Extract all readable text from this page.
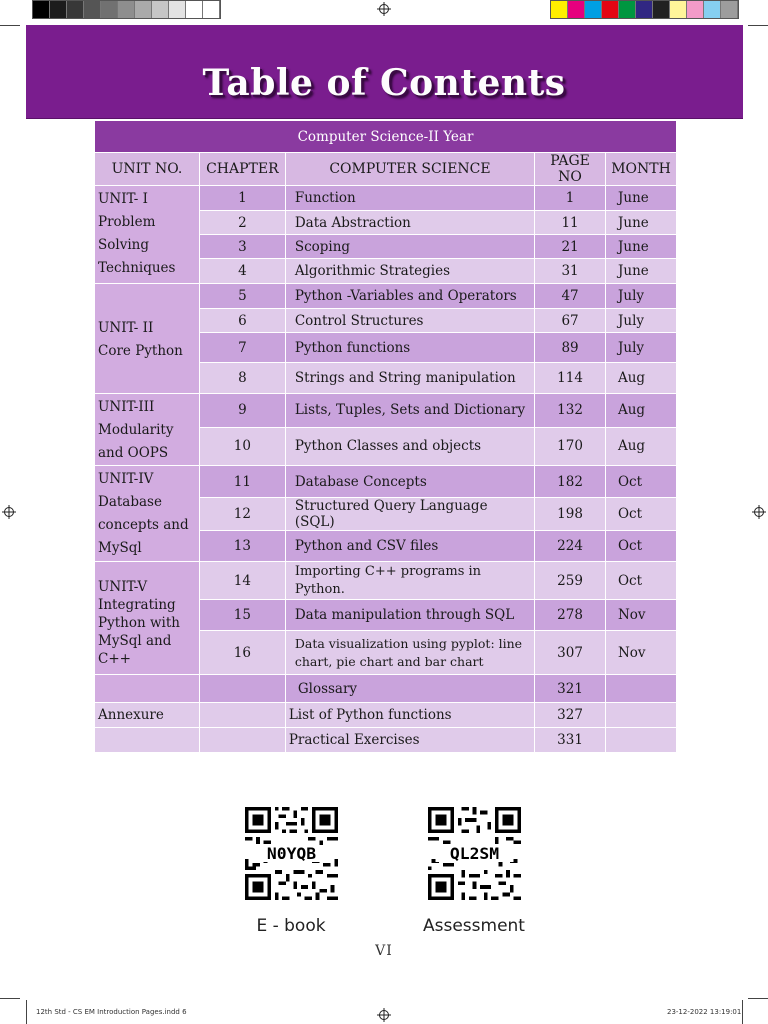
Table of Contents
Computer Science-II Year				
UNIT NO.	CHAPTER	COMPUTER SCIENCE	PAGE NO	MONTH
UNIT- I
Problem
Solving
Techniques	1	Function	1	June
	2	Data Abstraction	11	June
	3	Scoping	21	June
	4	Algorithmic Strategies	31	June
UNIT- II
Core Python	5	Python -Variables and Operators	47	July
	6	Control Structures	67	July
	7	Python functions	89	July
	8	Strings and String manipulation	114	Aug
UNIT-III
Modularity
and OOPS	9	Lists, Tuples, Sets and Dictionary	132	Aug
	10	Python Classes and objects	170	Aug
UNIT-IV
Database
concepts and
MySql	11	Database Concepts	182	Oct
	12	Structured Query Language (SQL)	198	Oct
	13	Python and CSV files	224	Oct
UNIT-V
Integrating
Python with
MySql and C++	14	Importing C++ programs in Python.	259	Oct
	15	Data manipulation through SQL	278	Nov
	16	Data visualization using pyplot: line chart, pie chart and bar chart	307	Nov
		Glossary	321	
Annexure		List of Python functions	327	
		Practical Exercises	331	
N0YQB
E - book
QL2SM
Assessment
VI
12th Std - CS EM Introduction Pages.indd 6	23-12-2022 13:19:01
